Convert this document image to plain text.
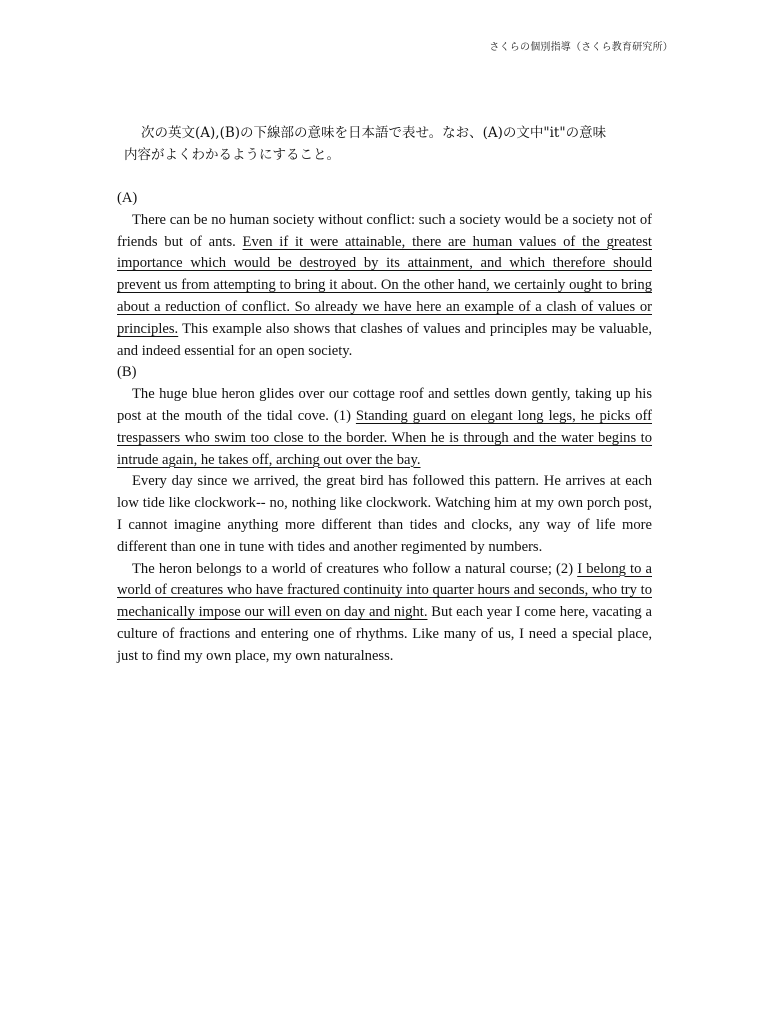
さくらの個別指導（さくら教育研究所）
次の英文(A),(B)の下線部の意味を日本語で表せ。なお、(A)の文中"it"の意味
内容がよくわかるようにすること。
(A)

There can be no human society without conflict: such a society would be a society not of friends but of ants. Even if it were attainable, there are human values of the greatest importance which would be destroyed by its attainment, and which therefore should prevent us from attempting to bring it about. On the other hand, we certainly ought to bring about a reduction of conflict. So already we have here an example of a clash of values or principles. This example also shows that clashes of values and principles may be valuable, and indeed essential for an open society.

(B)

The huge blue heron glides over our cottage roof and settles down gently, taking up his post at the mouth of the tidal cove. (1) Standing guard on elegant long legs, he picks off trespassers who swim too close to the border. When he is through and the water begins to intrude again, he takes off, arching out over the bay.

Every day since we arrived, the great bird has followed this pattern. He arrives at each low tide like clockwork-- no, nothing like clockwork. Watching him at my own porch post, I cannot imagine anything more different than tides and clocks, any way of life more different than one in tune with tides and another regimented by numbers.

The heron belongs to a world of creatures who follow a natural course; (2) I belong to a world of creatures who have fractured continuity into quarter hours and seconds, who try to mechanically impose our will even on day and night. But each year I come here, vacating a culture of fractions and entering one of rhythms. Like many of us, I need a special place, just to find my own place, my own naturalness.
